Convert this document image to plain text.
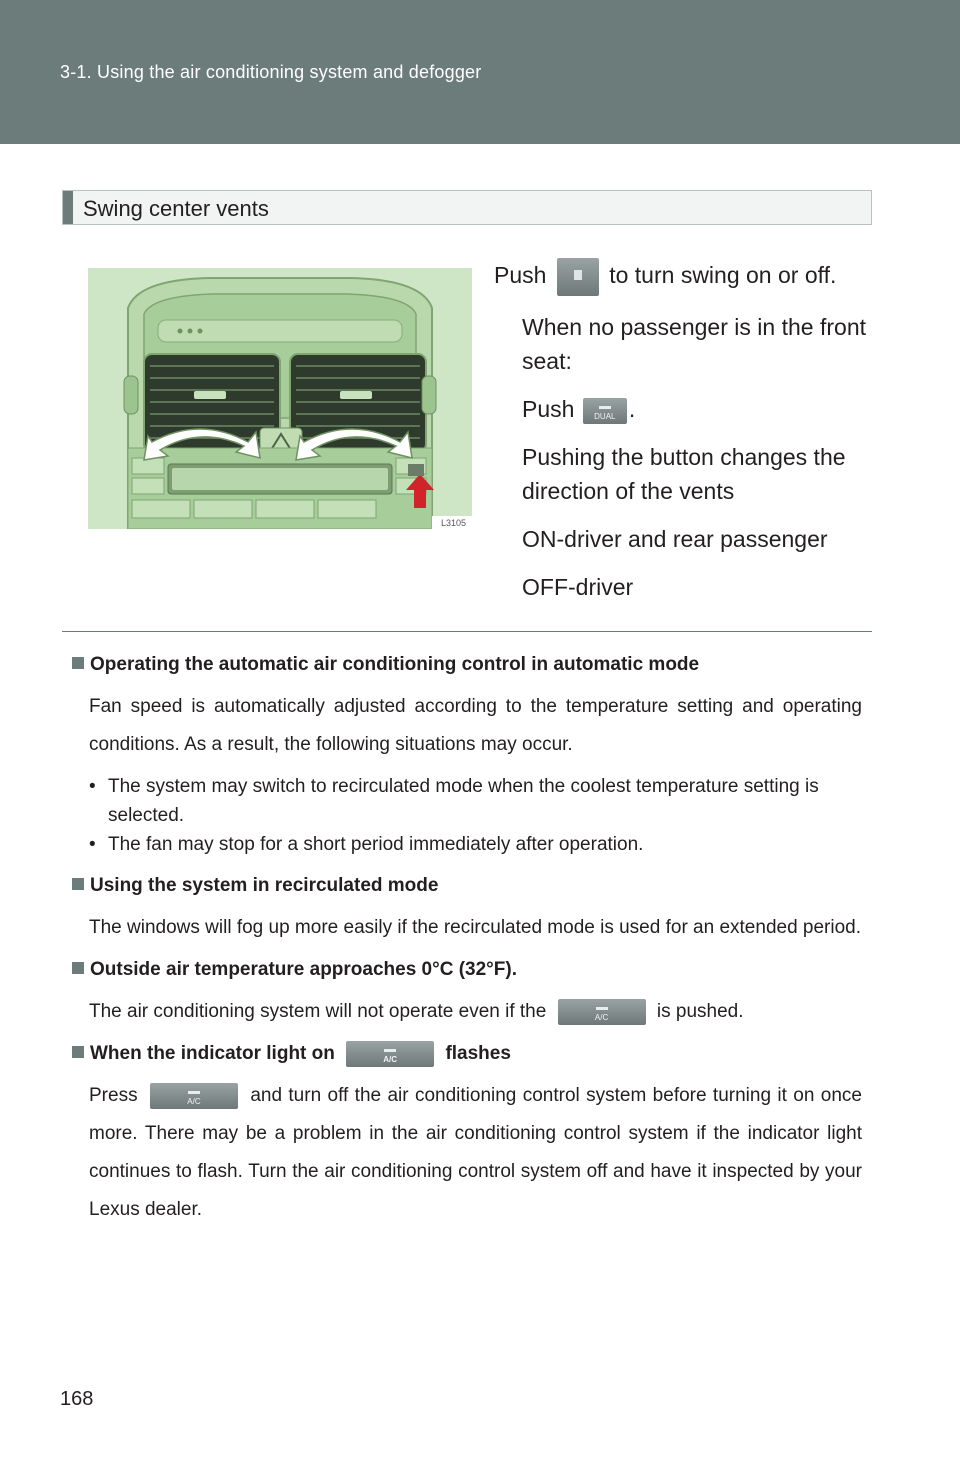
3-1. Using the air conditioning system and defogger
Swing center vents
L3105

Push	to turn swing on or off.

When no passenger is in the front seat:

Push	DUAL .

Pushing the button changes the direction of the vents

ON-driver and rear passenger

OFF-driver

Operating the automatic air conditioning control in automatic mode
Fan speed is automatically adjusted according to the temperature setting and operating conditions. As a result, the following situations may occur.
• The system may switch to recirculated mode when the coolest temperature setting is selected.
• The fan may stop for a short period immediately after operation.
Using the system in recirculated mode
The windows will fog up more easily if the recirculated mode is used for an extended period.
Outside air temperature approaches 0°C (32°F).
The air conditioning system will not operate even if the	A/C	is pushed.
When the indicator light on	A/C	flashes
Press	A/C	and turn off the air conditioning control system before turning it on once more. There may be a problem in the air conditioning control system if the indicator light continues to flash. Turn the air conditioning control system off and have it inspected by your Lexus dealer.
168
